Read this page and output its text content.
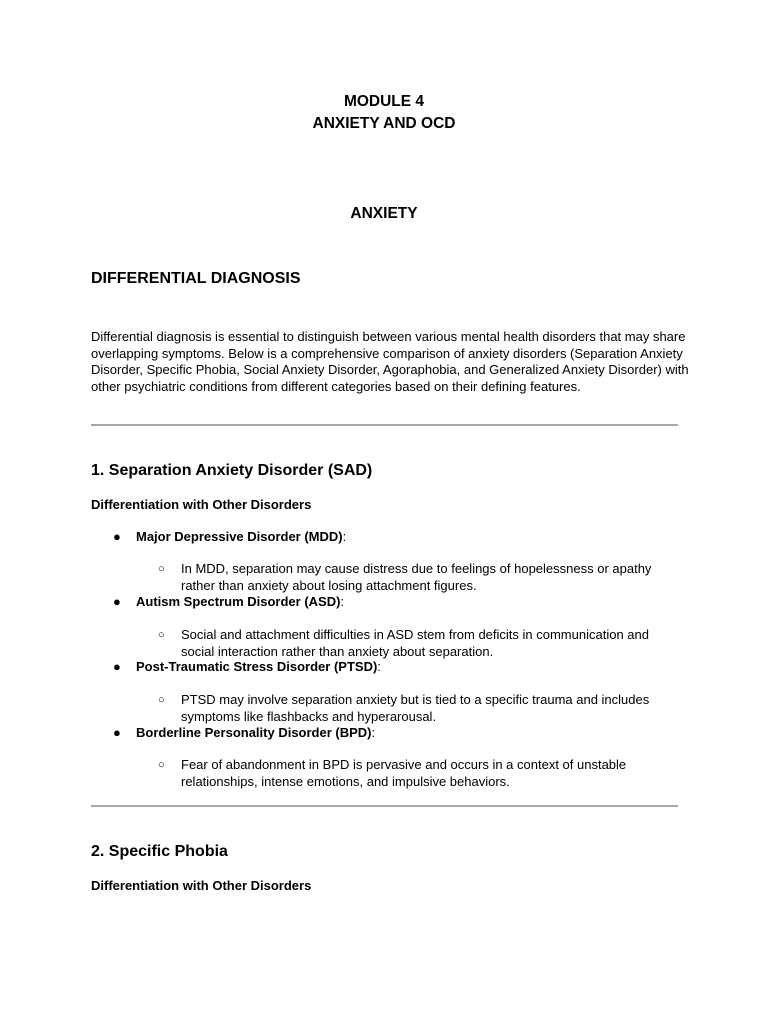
MODULE 4
ANXIETY AND OCD
ANXIETY
DIFFERENTIAL DIAGNOSIS

Differential diagnosis is essential to distinguish between various mental health disorders that may share overlapping symptoms. Below is a comprehensive comparison of anxiety disorders (Separation Anxiety Disorder, Specific Phobia, Social Anxiety Disorder, Agoraphobia, and Generalized Anxiety Disorder) with other psychiatric conditions from different categories based on their defining features.

1. Separation Anxiety Disorder (SAD)
Differentiation with Other Disorders
● Major Depressive Disorder (MDD):
○ In MDD, separation may cause distress due to feelings of hopelessness or apathy rather than anxiety about losing attachment figures.
● Autism Spectrum Disorder (ASD):
○ Social and attachment difficulties in ASD stem from deficits in communication and social interaction rather than anxiety about separation.
● Post-Traumatic Stress Disorder (PTSD):
○ PTSD may involve separation anxiety but is tied to a specific trauma and includes symptoms like flashbacks and hyperarousal.
● Borderline Personality Disorder (BPD):
○ Fear of abandonment in BPD is pervasive and occurs in a context of unstable relationships, intense emotions, and impulsive behaviors.
2. Specific Phobia
Differentiation with Other Disorders
